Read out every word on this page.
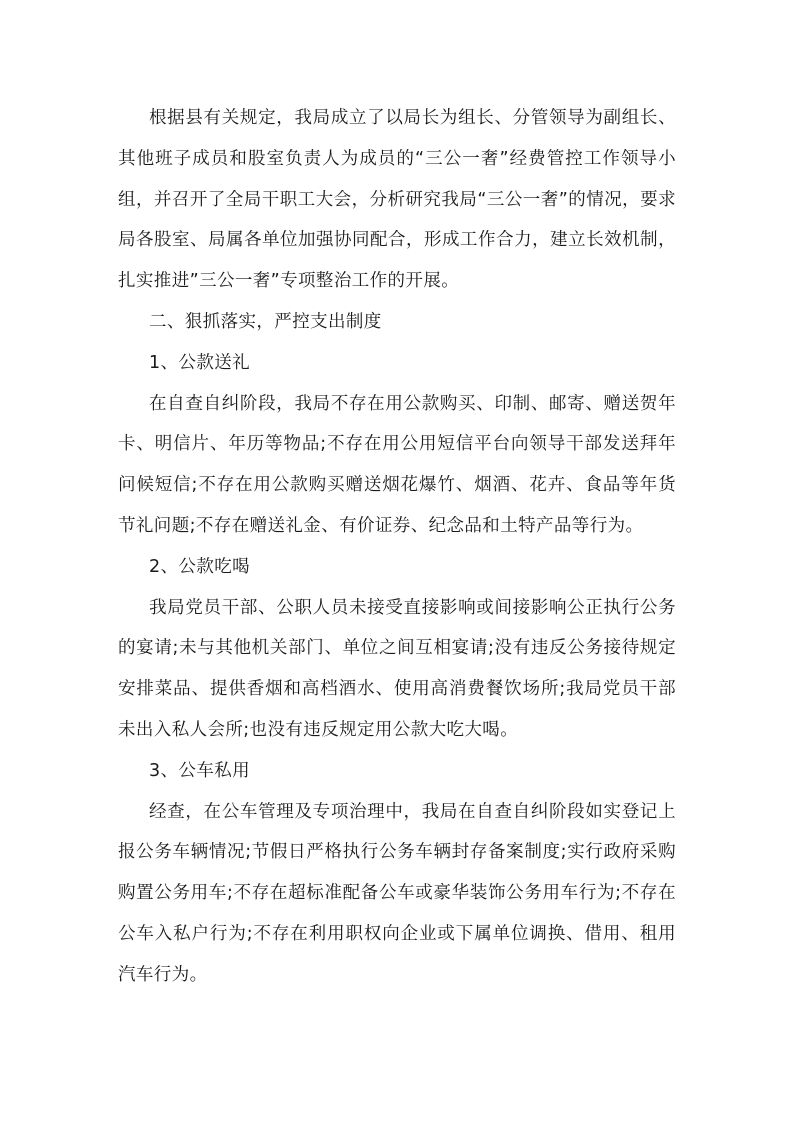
根据县有关规定，我局成立了以局长为组长、分管领导为副组长、其他班子成员和股室负责人为成员的“三公一奢”经费管控工作领导小组，并召开了全局干职工大会，分析研究我局“三公一奢”的情况，要求局各股室、局属各单位加强协同配合，形成工作合力，建立长效机制，扎实推进”三公一奢”专项整治工作的开展。

二、狠抓落实，严控支出制度

1、公款送礼

在自查自纠阶段，我局不存在用公款购买、印制、邮寄、赠送贺年卡、明信片、年历等物品;不存在用公用短信平台向领导干部发送拜年问候短信;不存在用公款购买赠送烟花爆竹、烟酒、花卉、食品等年货节礼问题;不存在赠送礼金、有价证券、纪念品和土特产品等行为。

2、公款吃喝

我局党员干部、公职人员未接受直接影响或间接影响公正执行公务的宴请;未与其他机关部门、单位之间互相宴请;没有违反公务接待规定安排菜品、提供香烟和高档酒水、使用高消费餐饮场所;我局党员干部未出入私人会所;也没有违反规定用公款大吃大喝。

3、公车私用

经查，在公车管理及专项治理中，我局在自查自纠阶段如实登记上报公务车辆情况;节假日严格执行公务车辆封存备案制度;实行政府采购购置公务用车;不存在超标准配备公车或豪华装饰公务用车行为;不存在公车入私户行为;不存在利用职权向企业或下属单位调换、借用、租用汽车行为。
